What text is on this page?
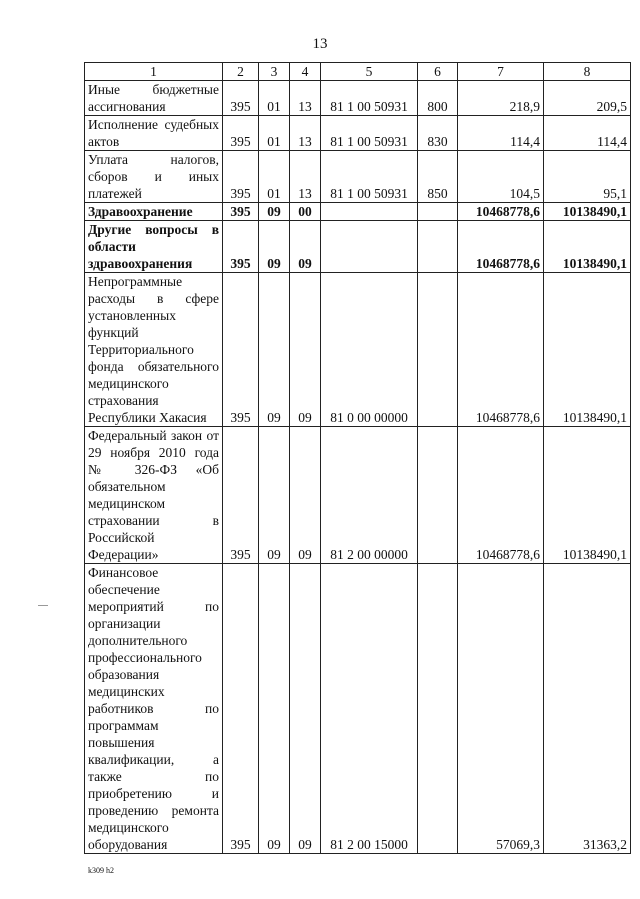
13
1	2	3	4	5	6	7	8
Иные бюджетные ассигнования	395	01	13	81 1 00 50931	800	218,9	209,5
Исполнение судебных актов	395	01	13	81 1 00 50931	830	114,4	114,4
Уплата налогов, сборов и иных платежей	395	01	13	81 1 00 50931	850	104,5	95,1
Здравоохранение	395	09	00			10468778,6	10138490,1
Другие вопросы в области здравоохранения	395	09	09			10468778,6	10138490,1
Непрограммные расходы в сфере установленных функций Территориального фонда обязательного медицинского страхования Республики Хакасия	395	09	09	81 0 00 00000		10468778,6	10138490,1
Федеральный закон от 29 ноября 2010 года № 326-ФЗ «Об обязательном медицинском страховании в Российской Федерации»	395	09	09	81 2 00 00000		10468778,6	10138490,1
Финансовое обеспечение мероприятий по организации дополнительного профессионального образования медицинских работников по программам повышения квалификации, а также по приобретению и проведению ремонта медицинского оборудования	395	09	09	81 2 00 15000		57069,3	31363,2
k309 h2
